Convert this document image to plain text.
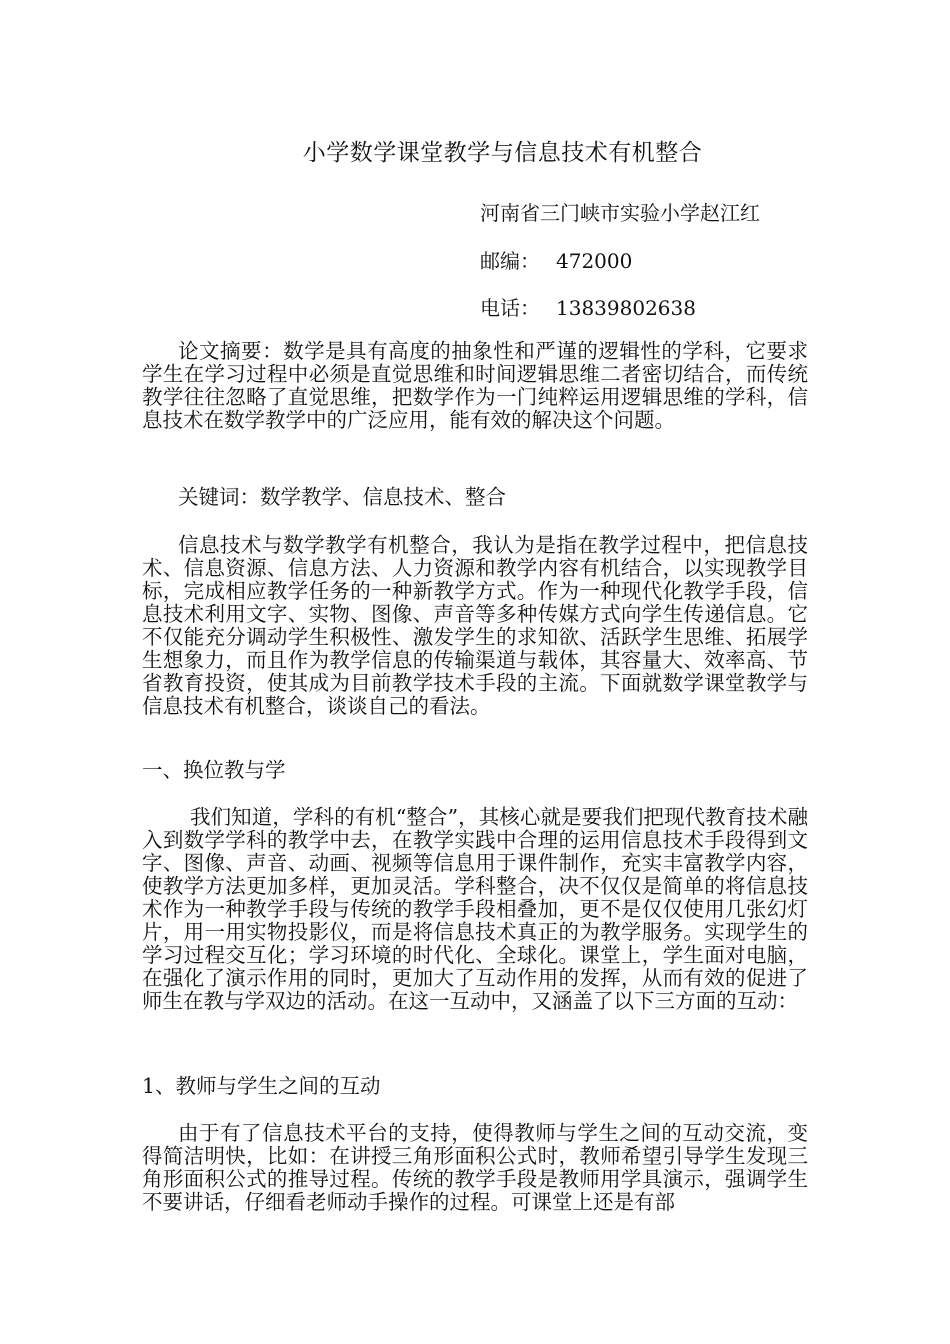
小学数学课堂教学与信息技术有机整合
河南省三门峡市实验小学赵江红
邮编： 472000
电话： 13839802638

论文摘要：数学是具有高度的抽象性和严谨的逻辑性的学科，它要求学生在学习过程中必须是直觉思维和时间逻辑思维二者密切结合，而传统教学往往忽略了直觉思维，把数学作为一门纯粹运用逻辑思维的学科，信息技术在数学教学中的广泛应用，能有效的解决这个问题。

关键词：数学教学、信息技术、整合

信息技术与数学教学有机整合，我认为是指在教学过程中，把信息技术、信息资源、信息方法、人力资源和教学内容有机结合，以实现教学目标，完成相应教学任务的一种新教学方式。作为一种现代化教学手段，信息技术利用文字、实物、图像、声音等多种传媒方式向学生传递信息。它不仅能充分调动学生积极性、激发学生的求知欲、活跃学生思维、拓展学生想象力，而且作为教学信息的传输渠道与载体，其容量大、效率高、节省教育投资，使其成为目前教学技术手段的主流。下面就数学课堂教学与信息技术有机整合，谈谈自己的看法。

一、换位教与学

我们知道，学科的有机“整合”，其核心就是要我们把现代教育技术融入到数学学科的教学中去，在教学实践中合理的运用信息技术手段得到文字、图像、声音、动画、视频等信息用于课件制作，充实丰富教学内容，使教学方法更加多样，更加灵活。学科整合，决不仅仅是简单的将信息技术作为一种教学手段与传统的教学手段相叠加，更不是仅仅使用几张幻灯片，用一用实物投影仪，而是将信息技术真正的为教学服务。实现学生的学习过程交互化；学习环境的时代化、全球化。课堂上，学生面对电脑，在强化了演示作用的同时，更加大了互动作用的发挥，从而有效的促进了师生在教与学双边的活动。在这一互动中，又涵盖了以下三方面的互动：

1、教师与学生之间的互动

由于有了信息技术平台的支持，使得教师与学生之间的互动交流，变得简洁明快，比如：在讲授三角形面积公式时，教师希望引导学生发现三角形面积公式的推导过程。传统的教学手段是教师用学具演示，强调学生不要讲话，仔细看老师动手操作的过程。可课堂上还是有部
